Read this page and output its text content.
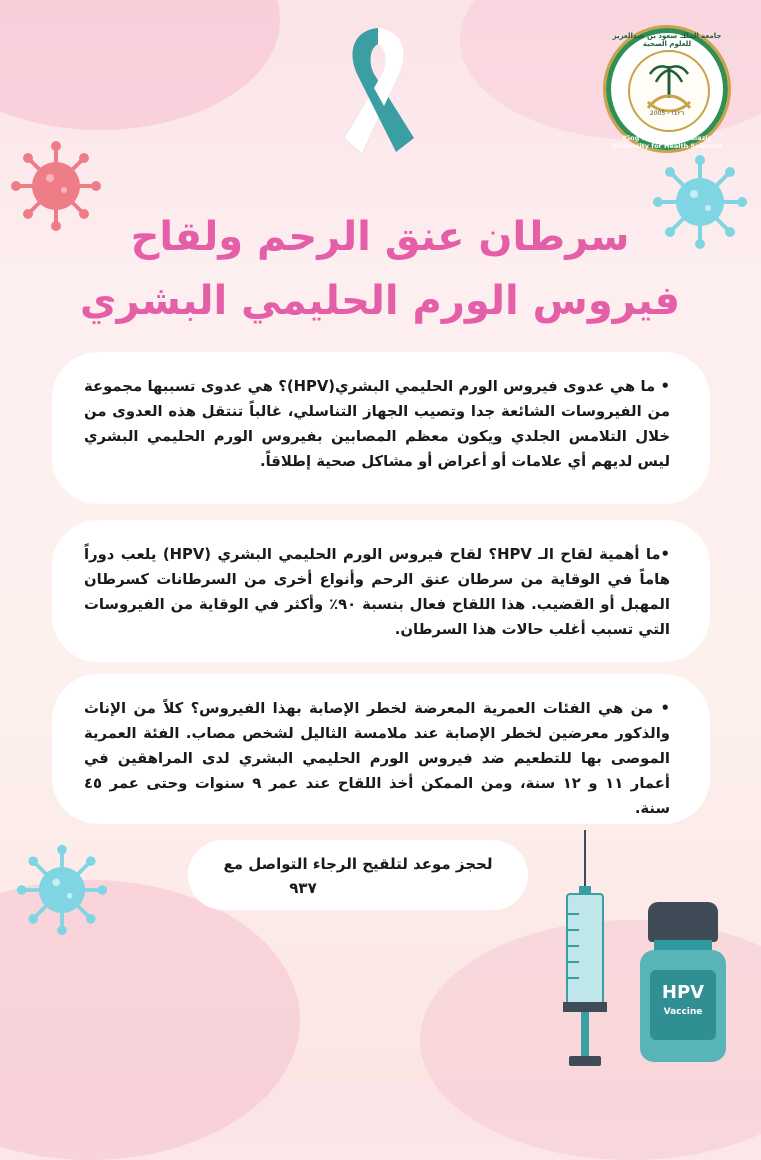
جامعة الملك سعود بن عبدالعزيز للعلوم الصحية
2005 - ١٤٢٦
King Saud bin Abdulaziz University for Health Sciences
سرطان عنق الرحم ولقاح
فيروس الورم الحليمي البشري
• ما هي عدوى فيروس الورم الحليمي البشري(HPV)؟ هي عدوى تسببها مجموعة من الفيروسات الشائعة جدا وتصيب الجهاز التناسلي، غالباً تنتقل هذه العدوى من خلال التلامس الجلدي ويكون معظم المصابين بفيروس الورم الحليمي البشري ليس لديهم أي علامات أو أعراض أو مشاكل صحية إطلاقاً.
•ما أهمية لقاح الـ HPV؟ لقاح فيروس الورم الحليمي البشري (HPV) يلعب دوراً هاماً في الوقاية من سرطان عنق الرحم وأنواع أخرى من السرطانات كسرطان المهبل أو القضيب. هذا اللقاح فعال بنسبة ٩٠٪ وأكثر في الوقاية من الفيروسات التي تسبب أغلب حالات هذا السرطان.
• من هي الفئات العمرية المعرضة لخطر الإصابة بهذا الفيروس؟ كلاً من الإناث والذكور معرضين لخطر الإصابة عند ملامسة الثاليل لشخص مصاب. الفئة العمرية الموصى بها للتطعيم ضد فيروس الورم الحليمي البشري لدى المراهقين في أعمار ١١ و ١٢ سنة، ومن الممكن أخذ اللقاح عند عمر ٩ سنوات وحتى عمر ٤٥ سنة.
لحجز موعد لتلقيح الرجاء التواصل مع
٩٣٧
HPV
Vaccine
